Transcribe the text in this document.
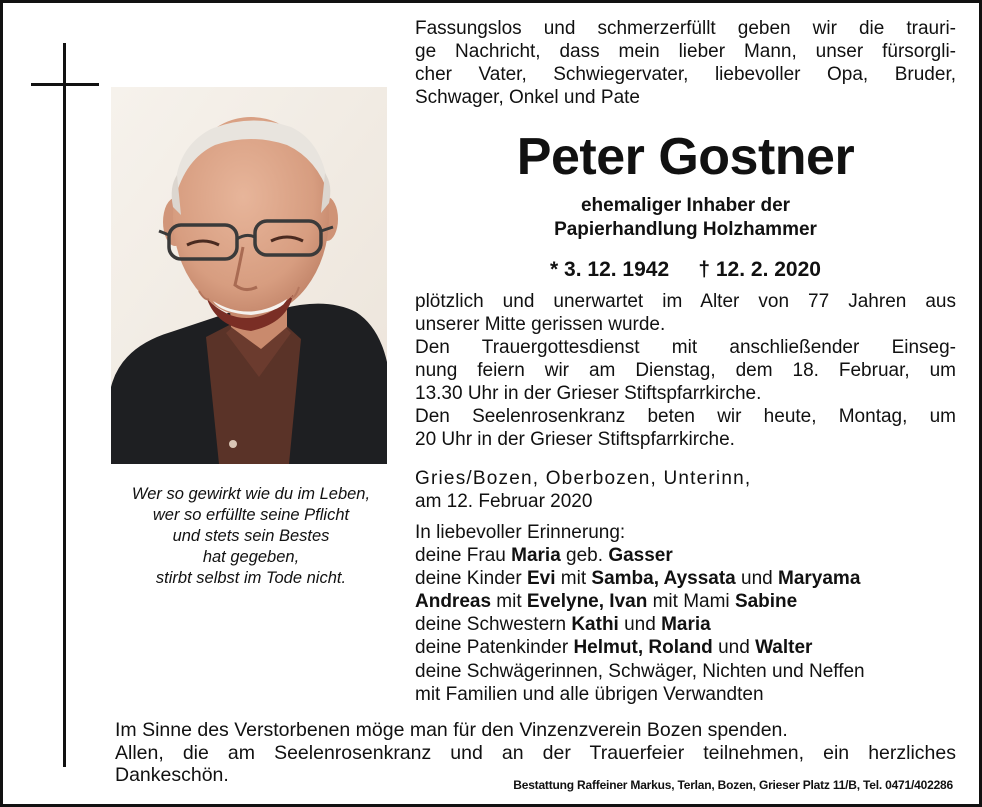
Wer so gewirkt wie du im Leben,
wer so erfüllte seine Pflicht
und stets sein Bestes
hat gegeben,
stirbt selbst im Tode nicht.
Fassungslos und schmerzerfüllt geben wir die trauri-
ge Nachricht, dass mein lieber Mann, unser fürsorgli-
cher Vater, Schwiegervater, liebevoller Opa, Bruder,
Schwager, Onkel und Pate
Peter Gostner
ehemaliger Inhaber der
Papierhandlung Holzhammer
* 3. 12. 1942 † 12. 2. 2020
plötzlich und unerwartet im Alter von 77 Jahren aus
unserer Mitte gerissen wurde.
Den Trauergottesdienst mit anschließender Einseg-
nung feiern wir am Dienstag, dem 18. Februar, um
13.30 Uhr in der Grieser Stiftspfarrkirche.
Den Seelenrosenkranz beten wir heute, Montag, um
20 Uhr in der Grieser Stiftspfarrkirche.
Gries/Bozen, Oberbozen, Unterinn,
am 12. Februar 2020
In liebevoller Erinnerung:
deine Frau Maria geb. Gasser
deine Kinder Evi mit Samba, Ayssata und Maryama
Andreas mit Evelyne, Ivan mit Mami Sabine
deine Schwestern Kathi und Maria
deine Patenkinder Helmut, Roland und Walter
deine Schwägerinnen, Schwäger, Nichten und Neffen
mit Familien und alle übrigen Verwandten
Im Sinne des Verstorbenen möge man für den Vinzenzverein Bozen spenden.
Allen, die am Seelenrosenkranz und an der Trauerfeier teilnehmen, ein herzliches
Dankeschön.	Bestattung Raffeiner Markus, Terlan, Bozen, Grieser Platz 11/B, Tel. 0471/402286
